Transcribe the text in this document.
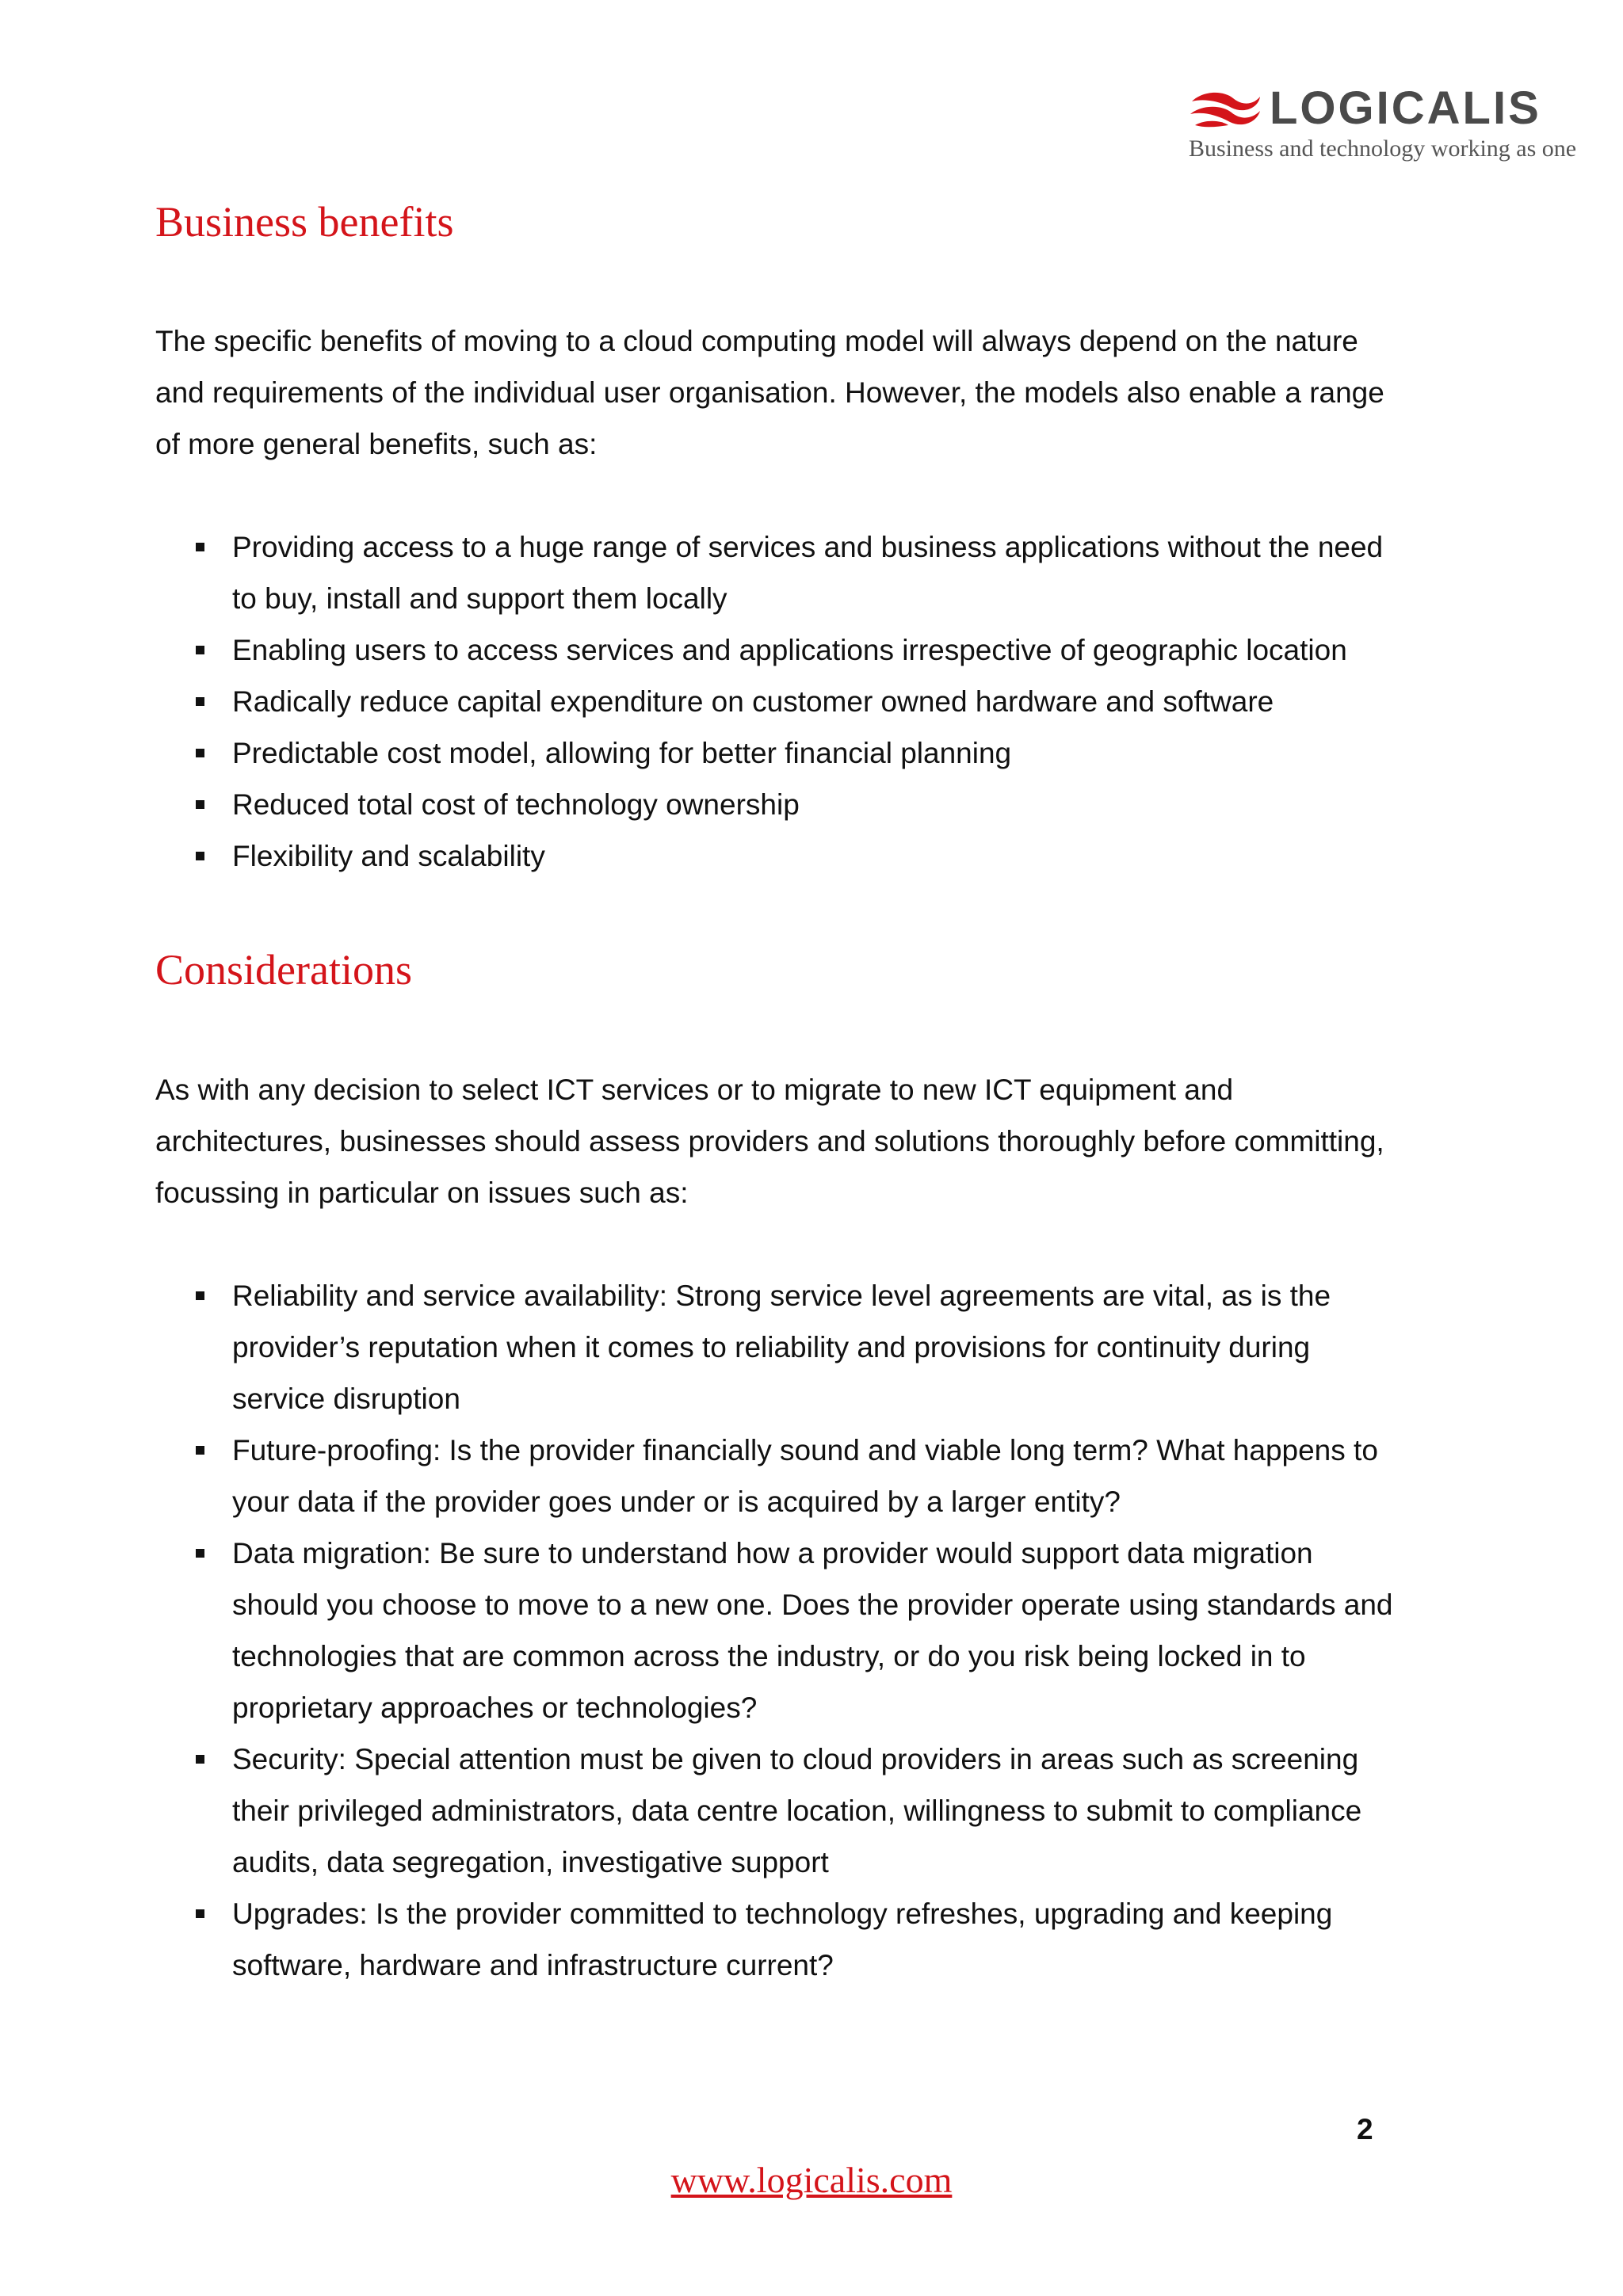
LOGICALIS
Business and technology working as one
Business benefits

The specific benefits of moving to a cloud computing model will always depend on the nature and requirements of the individual user organisation. However, the models also enable a range of more general benefits, such as:

Providing access to a huge range of services and business applications without the need to buy, install and support them locally
Enabling users to access services and applications irrespective of geographic location
Radically reduce capital expenditure on customer owned hardware and software
Predictable cost model, allowing for better financial planning
Reduced total cost of technology ownership
Flexibility and scalability
Considerations

As with any decision to select ICT services or to migrate to new ICT equipment and architectures, businesses should assess providers and solutions thoroughly before committing, focussing in particular on issues such as:

Reliability and service availability: Strong service level agreements are vital, as is the provider’s reputation when it comes to reliability and provisions for continuity during service disruption
Future-proofing: Is the provider financially sound and viable long term? What happens to your data if the provider goes under or is acquired by a larger entity?
Data migration: Be sure to understand how a provider would support data migration should you choose to move to a new one. Does the provider operate using standards and technologies that are common across the industry, or do you risk being locked in to proprietary approaches or technologies?
Security: Special attention must be given to cloud providers in areas such as screening their privileged administrators, data centre location, willingness to submit to compliance audits, data segregation, investigative support
Upgrades: Is the provider committed to technology refreshes, upgrading and keeping software, hardware and infrastructure current?
2
www.logicalis.com
